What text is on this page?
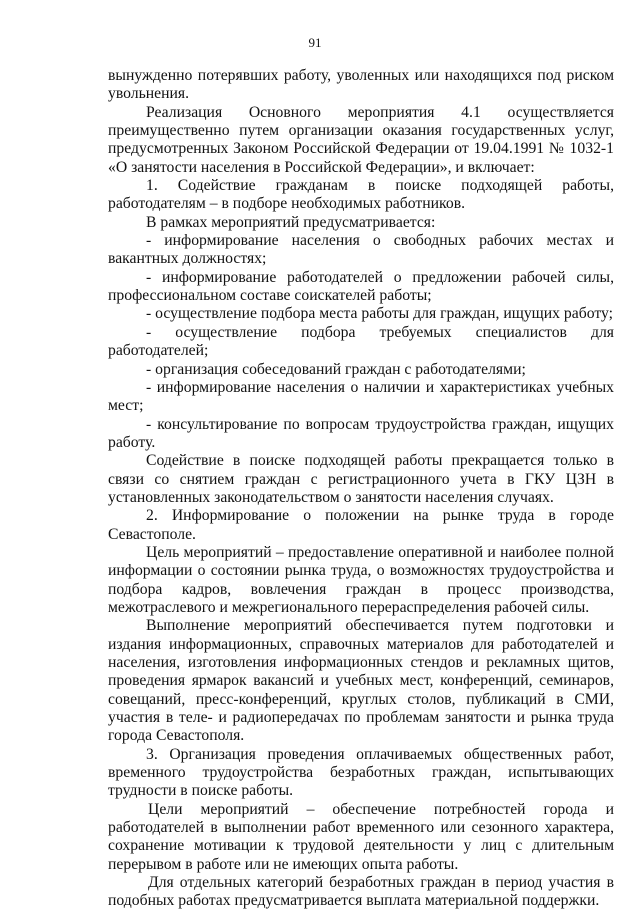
91

вынужденно потерявших работу, уволенных или находящихся под риском увольнения.

Реализация Основного мероприятия 4.1 осуществляется преимущественно путем организации оказания государственных услуг, предусмотренных Законом Российской Федерации от 19.04.1991 № 1032-1 «О занятости населения в Российской Федерации», и включает:

1. Содействие гражданам в поиске подходящей работы, работодателям – в подборе необходимых работников.

В рамках мероприятий предусматривается:

- информирование населения о свободных рабочих местах и вакантных должностях;

- информирование работодателей о предложении рабочей силы, профессиональном составе соискателей работы;

- осуществление подбора места работы для граждан, ищущих работу;

- осуществление подбора требуемых специалистов для работодателей;

- организация собеседований граждан с работодателями;

- информирование населения о наличии и характеристиках учебных мест;

- консультирование по вопросам трудоустройства граждан, ищущих работу.

Содействие в поиске подходящей работы прекращается только в связи со снятием граждан с регистрационного учета в ГКУ ЦЗН в установленных законодательством о занятости населения случаях.

2. Информирование о положении на рынке труда в городе Севастополе.

Цель мероприятий – предоставление оперативной и наиболее полной информации о состоянии рынка труда, о возможностях трудоустройства и подбора кадров, вовлечения граждан в процесс производства, межотраслевого и межрегионального перераспределения рабочей силы.

Выполнение мероприятий обеспечивается путем подготовки и издания информационных, справочных материалов для работодателей и населения, изготовления информационных стендов и рекламных щитов, проведения ярмарок вакансий и учебных мест, конференций, семинаров, совещаний, пресс-конференций, круглых столов, публикаций в СМИ, участия в теле- и радиопередачах по проблемам занятости и рынка труда города Севастополя.

3. Организация проведения оплачиваемых общественных работ, временного трудоустройства безработных граждан, испытывающих трудности в поиске работы.

Цели мероприятий – обеспечение потребностей города и работодателей в выполнении работ временного или сезонного характера, сохранение мотивации к трудовой деятельности у лиц с длительным перерывом в работе или не имеющих опыта работы.

Для отдельных категорий безработных граждан в период участия в подобных работах предусматривается выплата материальной поддержки.
